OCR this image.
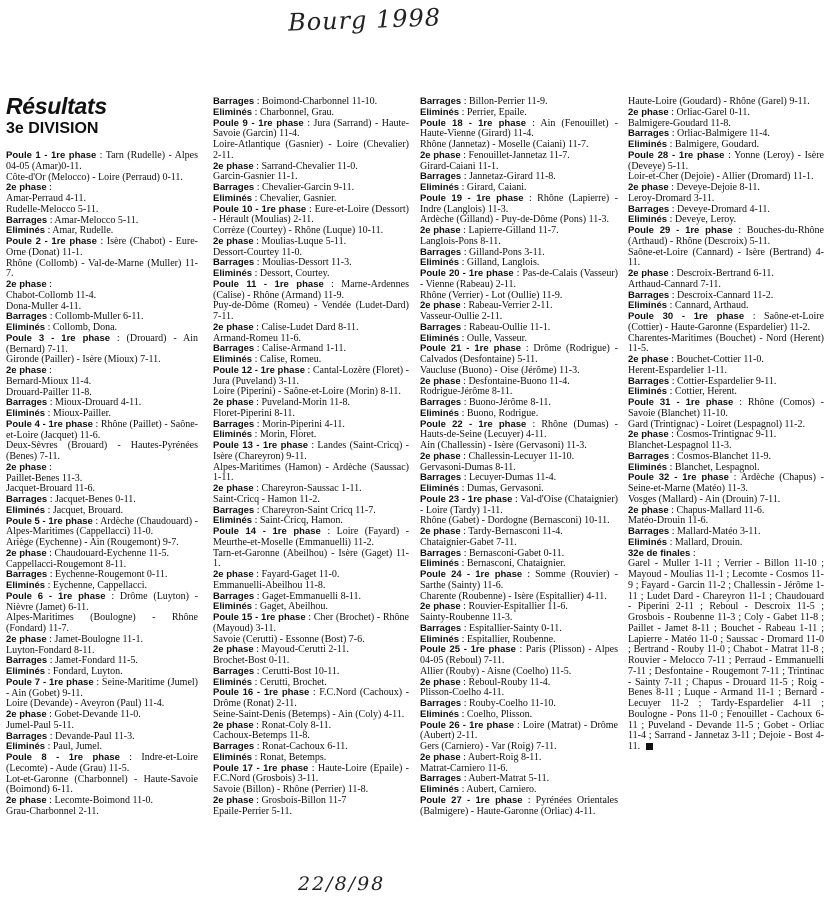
Bourg 1998
Résultats
3e DIVISION

Poule 1 - 1re phase : Tarn (Rudelle) - Alpes 04-05 (Amar)0-11.

Côte-d'Or (Melocco) - Loire (Perraud) 0-11.

2e phase :

Amar-Perraud 4-11.

Rudelle-Melocco 5-11.

Barrages : Amar-Melocco 5-11.

Eliminés : Amar, Rudelle.

Poule 2 - 1re phase : Isère (Chabot) - Eure-Orne (Donat) 11-1.

Rhône (Collomb) - Val-de-Marne (Muller) 11-7.

2e phase :

Chabot-Collomb 11-4.

Dona-Muller 4-11.

Barrages : Collomb-Muller 6-11.

Eliminés : Collomb, Dona.

Poule 3 - 1re phase : (Drouard) - Ain (Bernard) 7-11.

Gironde (Pailler) - Isère (Mioux) 7-11.

2e phase :

Bernard-Mioux 11-4.

Drouard-Pailler 11-8.

Barrages : Mioux-Drouard 4-11.

Eliminés : Mioux-Pailler.

Poule 4 - 1re phase : Rhône (Paillet) - Saône-et-Loire (Jacquet) 11-6.

Deux-Sèvres (Brouard) - Hautes-Pyrénées (Benes) 7-11.

2e phase :

Paillet-Benes 11-3.

Jacquet-Brouard 11-6.

Barrages : Jacquet-Benes 0-11.

Eliminés : Jacquet, Brouard.

Poule 5 - 1re phase : Ardèche (Chaudouard) - Alpes-Maritimes (Cappellacci) 11-0.

Ariège (Eychenne) - Ain (Rougemont) 9-7.

2e phase : Chaudouard-Eychenne 11-5.

Cappellacci-Rougemont 8-11.

Barrages : Eychenne-Rougemont 0-11.

Eliminés : Eychenne, Cappellacci.

Poule 6 - 1re phase : Drôme (Luyton) - Nièvre (Jamet) 6-11.

Alpes-Maritimes (Boulogne) - Rhône (Fondard) 11-7.

2e phase : Jamet-Boulogne 11-1.

Luyton-Fondard 8-11.

Barrages : Jamet-Fondard 11-5.

Eliminés : Fondard, Luyton.

Poule 7 - 1re phase : Seine-Maritime (Jumel) - Ain (Gobet) 9-11.

Loire (Devande) - Aveyron (Paul) 11-4.

2e phase : Gobet-Devande 11-0.

Jumel-Paul 5-11.

Barrages : Devande-Paul 11-3.

Eliminés : Paul, Jumel.

Poule 8 - 1re phase : Indre-et-Loire (Lecomte) - Aude (Grau) 11-5.

Lot-et-Garonne (Charbonnel) - Haute-Savoie (Boimond) 6-11.

2e phase : Lecomte-Boimond 11-0.

Grau-Charbonnel 2-11.

Barrages : Boimond-Charbonnel 11-10.

Eliminés : Charbonnel, Grau.

Poule 9 - 1re phase : Jura (Sarrand) - Haute-Savoie (Garcin) 11-4.

Loire-Atlantique (Gasnier) - Loire (Chevalier) 2-11.

2e phase : Sarrand-Chevalier 11-0.

Garcin-Gasnier 11-1.

Barrages : Chevalier-Garcin 9-11.

Eliminés : Chevalier, Gasnier.

Poule 10 - 1re phase : Eure-et-Loire (Dessort) - Hérault (Moulias) 2-11.

Corrèze (Courtey) - Rhône (Luque) 10-11.

2e phase : Moulias-Luque 5-11.

Dessort-Courtey 11-0.

Barrages : Moulias-Dessort 11-3.

Eliminés : Dessort, Courtey.

Poule 11 - 1re phase : Marne-Ardennes (Calise) - Rhône (Armand) 11-9.

Puy-de-Dôme (Romeu) - Vendée (Ludet-Dard) 7-11.

2e phase : Calise-Ludet Dard 8-11.

Armand-Romeu 11-6.

Barrages : Calise-Armand 1-11.

Eliminés : Calise, Romeu.

Poule 12 - 1re phase : Cantal-Lozère (Floret) - Jura (Puveland) 3-11.

Loire (Piperini) - Saône-et-Loire (Morin) 8-11.

2e phase : Puveland-Morin 11-8.

Floret-Piperini 8-11.

Barrages : Morin-Piperini 4-11.

Eliminés : Morin, Floret.

Poule 13 - 1re phase : Landes (Saint-Cricq) - Isère (Chareyron) 9-11.

Alpes-Maritimes (Hamon) - Ardèche (Saussac) 1-11.

2e phase : Chareyron-Saussac 1-11.

Saint-Cricq - Hamon 11-2.

Barrages : Chareyron-Saint Cricq 11-7.

Eliminés : Saint-Cricq, Hamon.

Poule 14 - 1re phase : Loire (Fayard) - Meurthe-et-Moselle (Emmanuelli) 11-2.

Tarn-et-Garonne (Abeilhou) - Isère (Gaget) 11-1.

2e phase : Fayard-Gaget 11-0.

Emmanuelli-Abeilhou 11-8.

Barrages : Gaget-Emmanuelli 8-11.

Eliminés : Gaget, Abeilhou.

Poule 15 - 1re phase : Cher (Brochet) - Rhône (Mayoud) 3-11.

Savoie (Cerutti) - Essonne (Bost) 7-6.

2e phase : Mayoud-Cerutti 2-11.

Brochet-Bost 0-11.

Barrages : Cerutti-Bost 10-11.

Eliminés : Cerutti, Brochet.

Poule 16 - 1re phase : F.C.Nord (Cachoux) - Drôme (Ronat) 2-11.

Seine-Saint-Denis (Betemps) - Ain (Coly) 4-11.

2e phase : Ronat-Coly 8-11.

Cachoux-Betemps 11-8.

Barrages : Ronat-Cachoux 6-11.

Eliminés : Ronat, Betemps.

Poule 17 - 1re phase : Haute-Loire (Epaile) - F.C.Nord (Grosbois) 3-11.

Savoie (Billon) - Rhône (Perrier) 11-8.

2e phase : Grosbois-Billon 11-7

Epaile-Perrier 5-11.

Barrages : Billon-Perrier 11-9.

Eliminés : Perrier, Epaile.

Poule 18 - 1re phase : Ain (Fenouillet) - Haute-Vienne (Girard) 11-4.

Rhône (Jannetaz) - Moselle (Caiani) 11-7.

2e phase : Fenouillet-Jannetaz 11-7.

Girard-Caiani 11-1.

Barrages : Jannetaz-Girard 11-8.

Eliminés : Girard, Caiani.

Poule 19 - 1re phase : Rhône (Lapierre) - Indre (Langlois) 11-3.

Ardèche (Gilland) - Puy-de-Dôme (Pons) 11-3.

2e phase : Lapierre-Gilland 11-7.

Langlois-Pons 8-11.

Barrages : Gilland-Pons 3-11.

Eliminés : Gilland, Langlois.

Poule 20 - 1re phase : Pas-de-Calais (Vasseur) - Vienne (Rabeau) 2-11.

Rhône (Verrier) - Lot (Oullie) 11-9.

2e phase : Rabeau-Verrier 2-11.

Vasseur-Oullie 2-11.

Barrages : Rabeau-Oullie 11-1.

Eliminés : Oulle, Vasseur.

Poule 21 - 1re phase : Drôme (Rodrigue) - Calvados (Desfontaine) 5-11.

Vaucluse (Buono) - Oise (Jérôme) 11-3.

2e phase : Desfontaine-Buono 11-4.

Rodrigue-Jérôme 8-11.

Barrages : Buono-Jérôme 8-11.

Eliminés : Buono, Rodrigue.

Poule 22 - 1re phase : Rhône (Dumas) - Hauts-de-Seine (Lecuyer) 4-11.

Ain (Challessin) - Isère (Gervasoni) 11-3.

2e phase : Challessin-Lecuyer 11-10.

Gervasoni-Dumas 8-11.

Barrages : Lecuyer-Dumas 11-4.

Eliminés : Dumas, Gervasoni.

Poule 23 - 1re phase : Val-d'Oise (Chataignier) - Loire (Tardy) 1-11.

Rhône (Gabet) - Dordogne (Bernasconi) 10-11.

2e phase : Tardy-Bernasconi 11-4.

Chataignier-Gabet 7-11.

Barrages : Bernasconi-Gabet 0-11.

Eliminés : Bernasconi, Chataignier.

Poule 24 - 1re phase : Somme (Rouvier) - Sarthe (Sainty) 11-6.

Charente (Roubenne) - Isère (Espitallier) 4-11.

2e phase : Rouvier-Espitallier 11-6.

Sainty-Roubenne 11-3.

Barrages : Espitallier-Sainty 0-11.

Eliminés : Espitallier, Roubenne.

Poule 25 - 1re phase : Paris (Plisson) - Alpes 04-05 (Reboul) 7-11.

Allier (Rouby) - Aisne (Coelho) 11-5.

2e phase : Reboul-Rouby 11-4.

Plisson-Coelho 4-11.

Barrages : Rouby-Coelho 11-10.

Eliminés : Coelho, Plisson.

Poule 26 - 1re phase : Loire (Matrat) - Drôme (Aubert) 2-11.

Gers (Carniero) - Var (Roig) 7-11.

2e phase : Aubert-Roig 8-11.

Matrat-Carniero 11-6.

Barrages : Aubert-Matrat 5-11.

Eliminés : Aubert, Carniero.

Poule 27 - 1re phase : Pyrénées Orientales (Balmigere) - Haute-Garonne (Orliac) 4-11.

Haute-Loire (Goudard) - Rhône (Garel) 9-11.

2e phase : Orliac-Garel 0-11.

Balmigere-Goudard 11-8.

Barrages : Orliac-Balmigere 11-4.

Eliminés : Balmigere, Goudard.

Poule 28 - 1re phase : Yonne (Leroy) - Isère (Deveye) 5-11.

Loir-et-Cher (Dejoie) - Allier (Dromard) 11-1.

2e phase : Deveye-Dejoie 8-11.

Leroy-Dromard 3-11.

Barrages : Deveye-Dromard 4-11.

Eliminés : Deveye, Leroy.

Poule 29 - 1re phase : Bouches-du-Rhône (Arthaud) - Rhône (Descroix) 5-11.

Saône-et-Loire (Cannard) - Isère (Bertrand) 4-11.

2e phase : Descroix-Bertrand 6-11.

Arthaud-Cannard 7-11.

Barrages : Descroix-Cannard 11-2.

Eliminés : Cannard, Arthaud.

Poule 30 - 1re phase : Saône-et-Loire (Cottier) - Haute-Garonne (Espardelier) 11-2.

Charentes-Maritimes (Bouchet) - Nord (Herent) 11-5.

2e phase : Bouchet-Cottier 11-0.

Herent-Espardelier 1-11.

Barrages : Cottier-Espardelier 9-11.

Eliminés : Cottier, Herent.

Poule 31 - 1re phase : Rhône (Comos) - Savoie (Blanchet) 11-10.

Gard (Trintignac) - Loiret (Lespagnol) 11-2.

2e phase : Cosmos-Trintignac 9-11.

Blanchet-Lespagnol 11-3.

Barrages : Cosmos-Blanchet 11-9.

Eliminés : Blanchet, Lespagnol.

Poule 32 - 1re phase : Ardèche (Chapus) - Seine-et-Marne (Matéo) 11-3.

Vosges (Mallard) - Ain (Drouin) 7-11.

2e phase : Chapus-Mallard 11-6.

Matéo-Drouin 11-6.

Barrages : Mallard-Matéo 3-11.

Eliminés : Mallard, Drouin.

32e de finales :

Garel - Muller 1-11 ; Verrier - Billon 11-10 ; Mayoud - Moulias 11-1 ; Lecomte - Cosmos 11-9 ; Fayard - Garcin 11-2 ; Challessin - Jérôme 1-11 ; Ludet Dard - Chareyron 11-1 ; Chaudouard - Piperini 2-11 ; Reboul - Descroix 11-5 ; Grosbois - Roubenne 11-3 ; Coly - Gabet 11-8 ; Paillet - Jamet 8-11 ; Bouchet - Rabeau 1-11 ; Lapierre - Matéo 11-0 ; Saussac - Dromard 11-0 ; Bertrand - Rouby 11-0 ; Chabot - Matrat 11-8 ; Rouvier - Melocco 7-11 ; Perraud - Emmanuelli 7-11 ; Desfontaine - Rougemont 7-11 ; Trintinac - Sainty 7-11 ; Chapus - Drouard 11-5 ; Roig - Benes 8-11 ; Luque - Armand 11-1 ; Bernard - Lecuyer 11-2 ; Tardy-Espardelier 4-11 ; Boulogne - Pons 11-0 ; Fenouillet - Cachoux 6-11 ; Puveland - Devande 11-5 ; Gobet - Orliac 11-4 ; Sarrand - Jannetaz 3-11 ; Dejoie - Bost 4-11.

22/8/98
